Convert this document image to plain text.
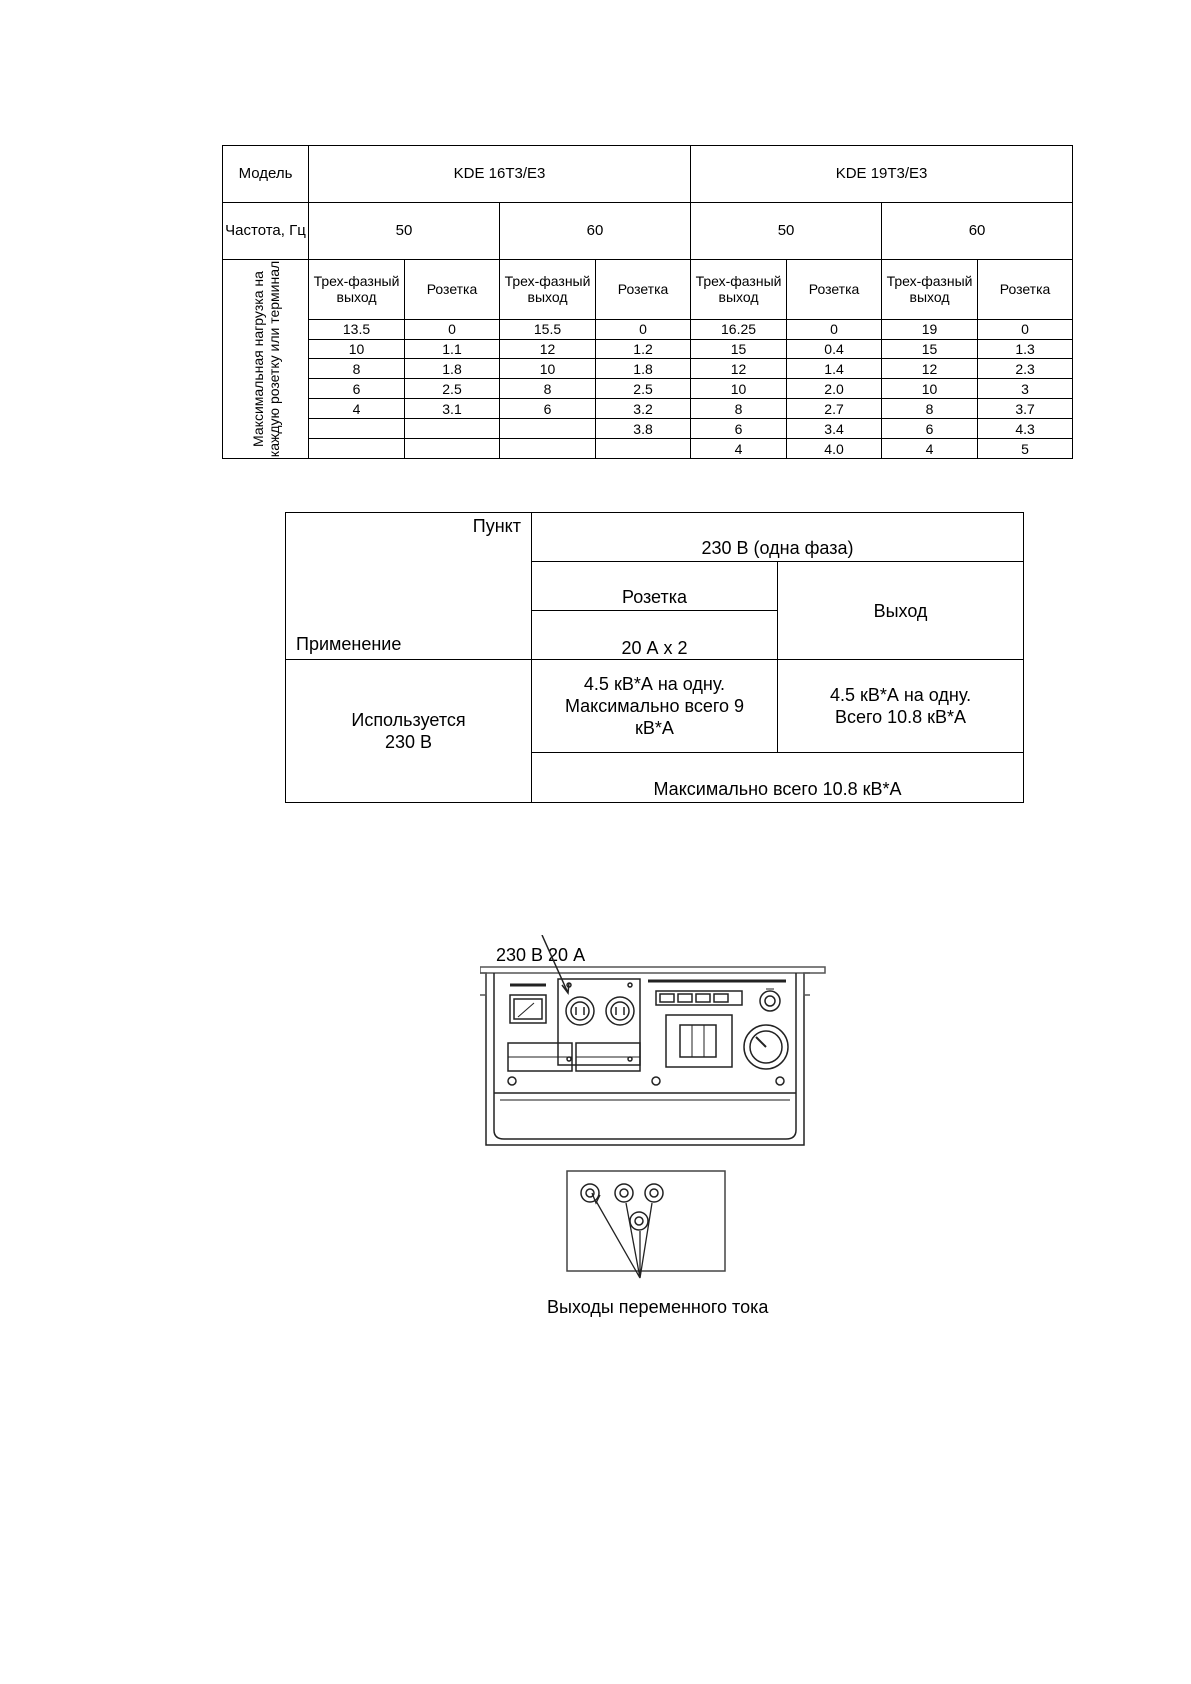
Модель	KDE 16T3/E3				KDE 19T3/E3			
Частота, Гц	50		60		50		60	

Максимальная нагрузка на каждую розетку или терминал	Трех-фазный выход	Розетка	Трех-фазный выход	Розетка	Трех-фазный выход	Розетка	Трех-фазный выход	Розетка
	13.5	0	15.5	0	16.25	0	19	0
	10	1.1	12	1.2	15	0.4	15	1.3
	8	1.8	10	1.8	12	1.4	12	2.3
	6	2.5	8	2.5	10	2.0	10	3
	4	3.1	6	3.2	8	2.7	8	3.7
				3.8	6	3.4	6	4.3
					4	4.0	4	5
Пункт
Применение	230 В (одна фаза)	
	Розетка	Выход
	20 А х 2	
Используется 230 В	4.5 кВ*А на одну. Максимально всего 9 кВ*А	4.5 кВ*А на одну. Всего 10.8 кВ*А
	Максимально всего 10.8 кВ*А	
230 В 20 А
Выходы переменного тока
